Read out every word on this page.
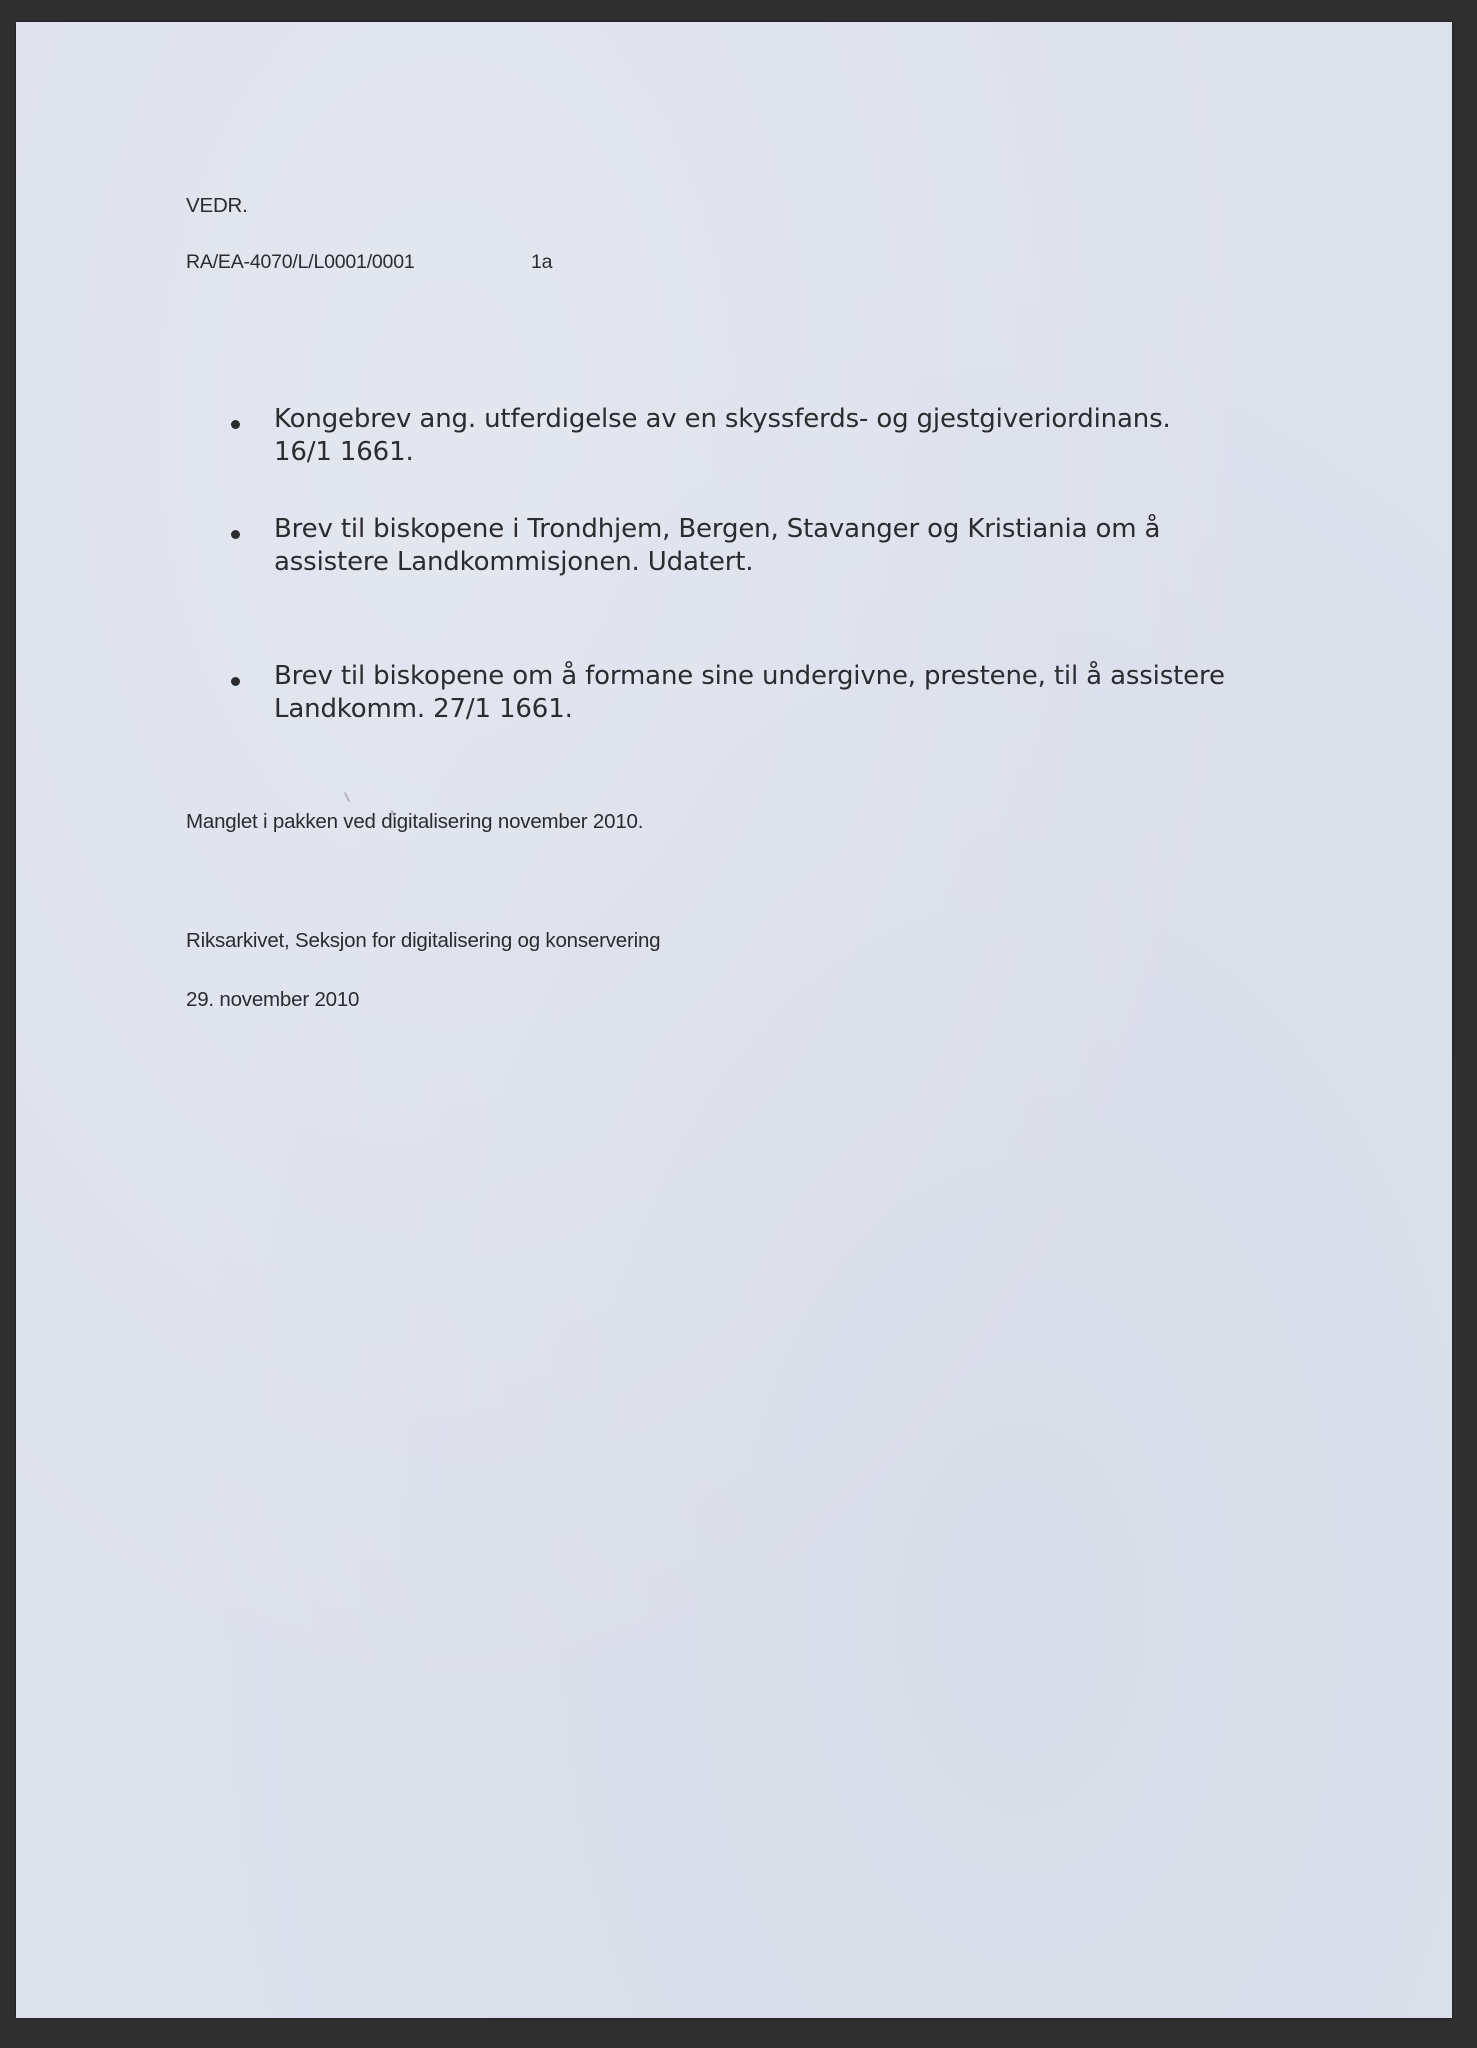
VEDR.

RA/EA-4070/L/L0001/0001	1a

Kongebrev ang. utferdigelse av en skyssferds- og gjestgiveriordinans.
16/1 1661.
Brev til biskopene i Trondhjem, Bergen, Stavanger og Kristiania om å
assistere Landkommisjonen. Udatert.
Brev til biskopene om å formane sine undergivne, prestene, til å assistere
Landkomm. 27/1 1661.

Manglet i pakken ved digitalisering november 2010.

Riksarkivet, Seksjon for digitalisering og konservering

29. november 2010
